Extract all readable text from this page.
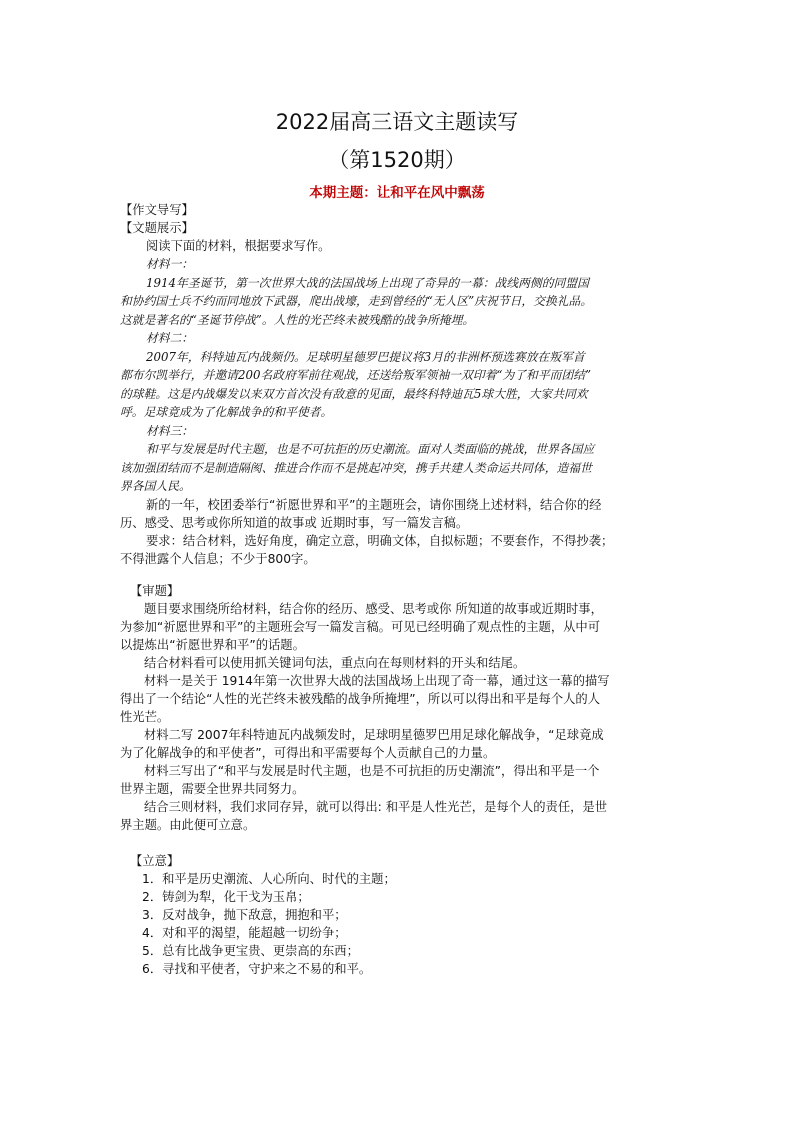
2022届高三语文主题读写
（第1520期）
本期主题：让和平在风中飘荡
【作文导写】
【文题展示】
阅读下面的材料，根据要求写作。
材料一：
1914年圣诞节，第一次世界大战的法国战场上出现了奇异的一幕：战线两侧的同盟国
和协约国士兵不约而同地放下武器，爬出战壕，走到曾经的“无人区”庆祝节日，交换礼品。
这就是著名的“圣诞节停战”。人性的光芒终未被残酷的战争所掩埋。
材料二：
2007年，科特迪瓦内战频仍。足球明星德罗巴提议将3月的非洲杯预选赛放在叛军首
都布尔凯举行，并邀请200名政府军前往观战，还送给叛军领袖一双印着“为了和平而团结”
的球鞋。这是内战爆发以来双方首次没有敌意的见面，最终科特迪瓦5球大胜，大家共同欢
呼。足球竟成为了化解战争的和平使者。
材料三：
和平与发展是时代主题，也是不可抗拒的历史潮流。面对人类面临的挑战，世界各国应
该加强团结而不是制造隔阂、推进合作而不是挑起冲突，携手共建人类命运共同体，造福世
界各国人民。
新的一年，校团委举行“祈愿世界和平”的主题班会，请你围绕上述材料，结合你的经
历、感受、思考或你所知道的故事或 近期时事，写一篇发言稿。
要求：结合材料，选好角度，确定立意，明确文体，自拟标题；不要套作，不得抄袭；
不得泄露个人信息；不少于800字。
【审题】
题目要求围绕所给材料，结合你的经历、感受、思考或你 所知道的故事或近期时事，
为参加“祈愿世界和平”的主题班会写一篇发言稿。可见已经明确了观点性的主题，从中可
以提炼出“祈愿世界和平”的话题。
结合材料看可以使用抓关键词句法，重点向在每则材料的开头和结尾。
材料一是关于 1914年第一次世界大战的法国战场上出现了奇一幕，通过这一幕的描写
得出了一个结论“人性的光芒终未被残酷的战争所掩埋”，所以可以得出和平是每个人的人
性光芒。
材料二写 2007年科特迪瓦内战频发时，足球明星德罗巴用足球化解战争，“足球竟成
为了化解战争的和平使者”，可得出和平需要每个人贡献自己的力量。
材料三写出了“和平与发展是时代主题，也是不可抗拒的历史潮流”，得出和平是一个
世界主题，需要全世界共同努力。
结合三则材料，我们求同存异，就可以得出: 和平是人性光芒，是每个人的责任，是世
界主题。由此便可立意。
【立意】
1．和平是历史潮流、人心所向、时代的主题；
2．铸剑为犁，化干戈为玉帛；
3．反对战争，抛下敌意，拥抱和平；
4．对和平的渴望，能超越一切纷争；
5．总有比战争更宝贵、更崇高的东西；
6．寻找和平使者，守护来之不易的和平。
